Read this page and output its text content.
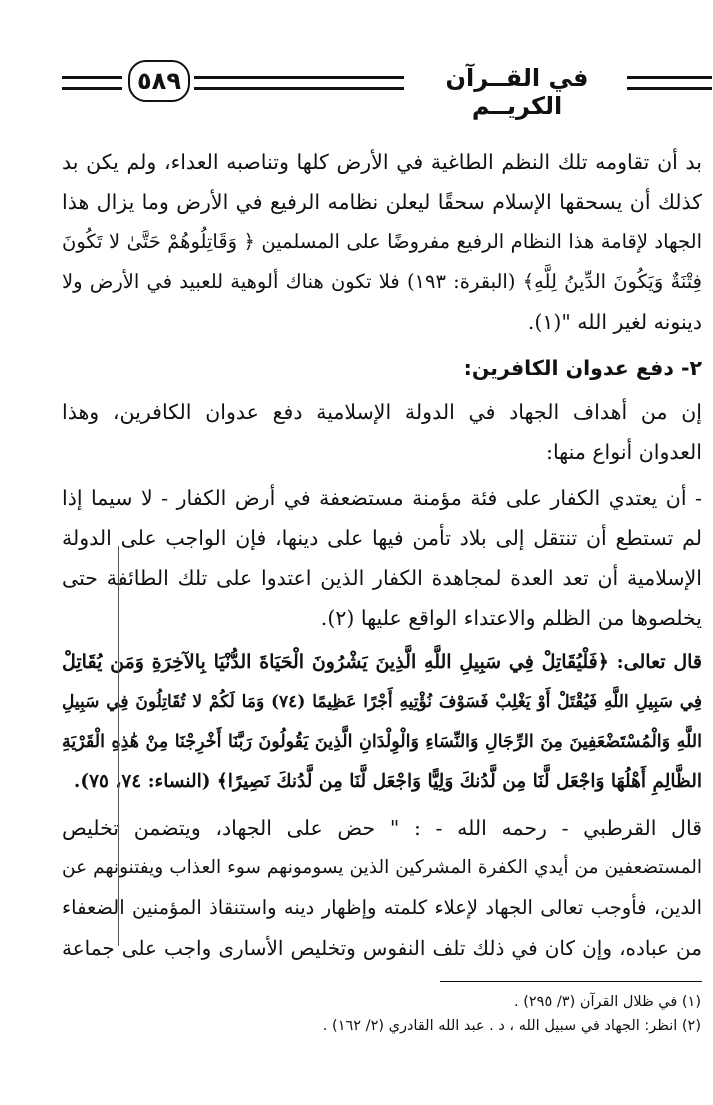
٥٨٩	في القــرآن الكريــم
بد أن تقاومه تلك النظم الطاغية في الأرض كلها وتناصبه العداء، ولم يكن بد
كذلك أن يسحقها الإسلام سحقًا ليعلن نظامه الرفيع في الأرض وما يزال هذا
الجهاد لإقامة هذا النظام الرفيع مفروضًا على المسلمين ﴿ وَقَاتِلُوهُمْ حَتَّىٰ لا تَكُونَ
فِتْنَةٌ وَيَكُونَ الدِّينُ لِلَّهِ﴾ (البقرة: ١٩٣) فلا تكون هناك ألوهية للعبيد في الأرض ولا
دينونه لغير الله "(١).
٢- دفع عدوان الكافرين:
إن من أهداف الجهاد في الدولة الإسلامية دفع عدوان الكافرين، وهذا
العدوان أنواع منها:
- أن يعتدي الكفار على فئة مؤمنة مستضعفة في أرض الكفار - لا سيما إذا
لم تستطع أن تنتقل إلى بلاد تأمن فيها على دينها، فإن الواجب على الدولة
الإسلامية أن تعد العدة لمجاهدة الكفار الذين اعتدوا على تلك الطائفة حتى
يخلصوها من الظلم والاعتداء الواقع عليها (٢).
قال تعالى: ﴿فَلْيُقَاتِلْ فِي سَبِيلِ اللَّهِ الَّذِينَ يَشْرُونَ الْحَيَاةَ الدُّنْيَا بِالآخِرَةِ وَمَن يُقَاتِلْ
فِي سَبِيلِ اللَّهِ فَيُقْتَلْ أَوْ يَغْلِبْ فَسَوْفَ نُؤْتِيهِ أَجْرًا عَظِيمًا (٧٤) وَمَا لَكُمْ لا تُقَاتِلُونَ فِي سَبِيلِ
اللَّهِ وَالْمُسْتَضْعَفِينَ مِنَ الرِّجَالِ وَالنِّسَاءِ وَالْوِلْدَانِ الَّذِينَ يَقُولُونَ رَبَّنَا أَخْرِجْنَا مِنْ هَٰذِهِ الْقَرْيَةِ
الظَّالِمِ أَهْلُهَا وَاجْعَل لَّنَا مِن لَّدُنكَ وَلِيًّا وَاجْعَل لَّنَا مِن لَّدُنكَ نَصِيرًا﴾ (النساء: ٧٤، ٧٥).
قال القرطبي - رحمه الله - : " حض على الجهاد، ويتضمن تخليص
المستضعفين من أيدي الكفرة المشركين الذين يسومونهم سوء العذاب ويفتنونهم عن
الدين، فأوجب تعالى الجهاد لإعلاء كلمته وإظهار دينه واستنقاذ المؤمنين الضعفاء
من عباده، وإن كان في ذلك تلف النفوس وتخليص الأسارى واجب على جماعة
(١) في ظلال القرآن (٣/ ٢٩٥) .
(٢) انظر: الجهاد في سبيل الله ، د . عبد الله القادري (٢/ ١٦٢) .
